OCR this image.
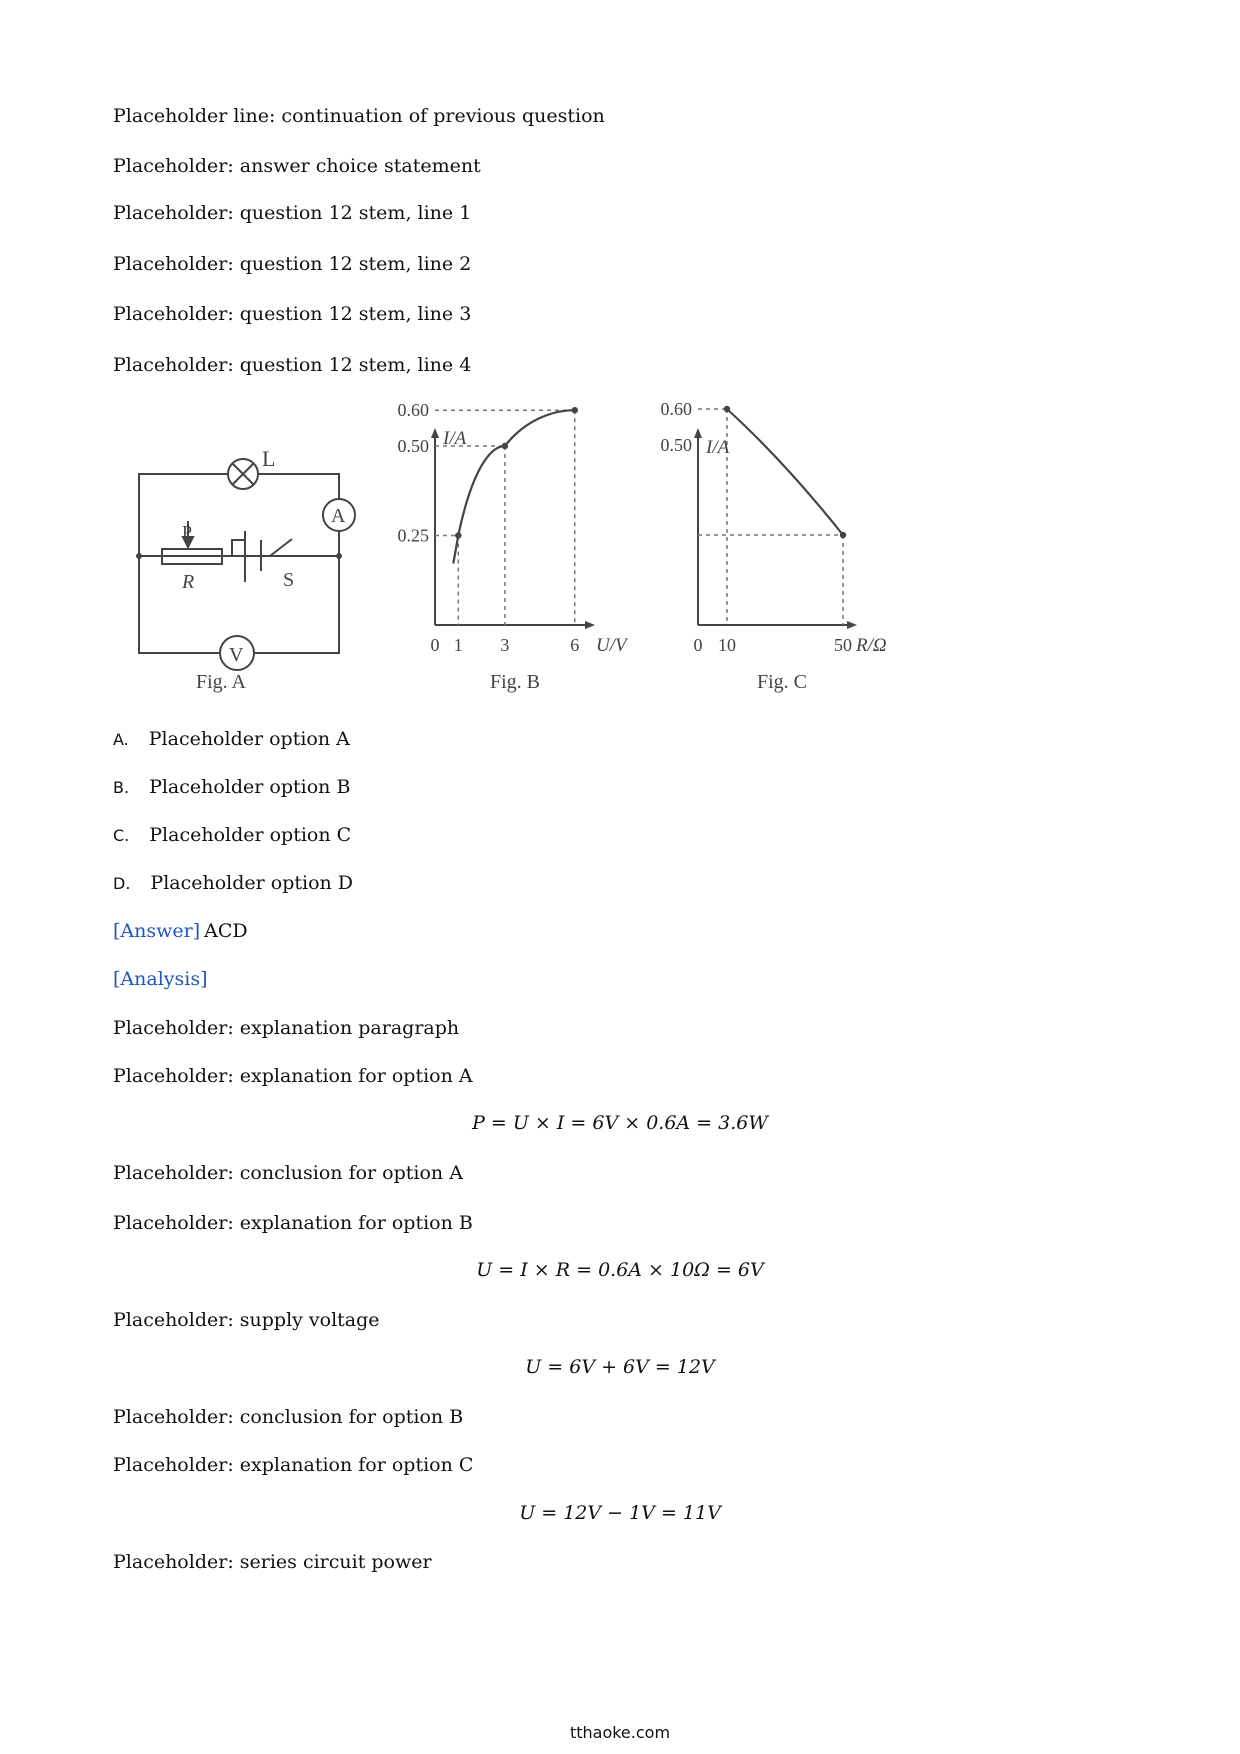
Placeholder line: continuation of previous question
Placeholder: answer choice statement
Placeholder: question 12 stem, line 1
Placeholder: question 12 stem, line 2
Placeholder: question 12 stem, line 3
Placeholder: question 12 stem, line 4
L
A
V
P
R	S
Fig. A
0.25
0.50
0.60
0 1 3	6
I/A
U/V
Fig. B
0.50
0.60
0 10	50
I/A
R/Ω
Fig. C
A. Placeholder option A
B. Placeholder option B
C. Placeholder option C
D. Placeholder option D
[Answer] ACD
[Analysis]
Placeholder: explanation paragraph
Placeholder: explanation for option A
P = U × I = 6V × 0.6A = 3.6W
Placeholder: conclusion for option A
Placeholder: explanation for option B
U = I × R = 0.6A × 10Ω = 6V
Placeholder: supply voltage
U = 6V + 6V = 12V
Placeholder: conclusion for option B
Placeholder: explanation for option C
U = 12V − 1V = 11V
Placeholder: series circuit power
tthaoke.com
